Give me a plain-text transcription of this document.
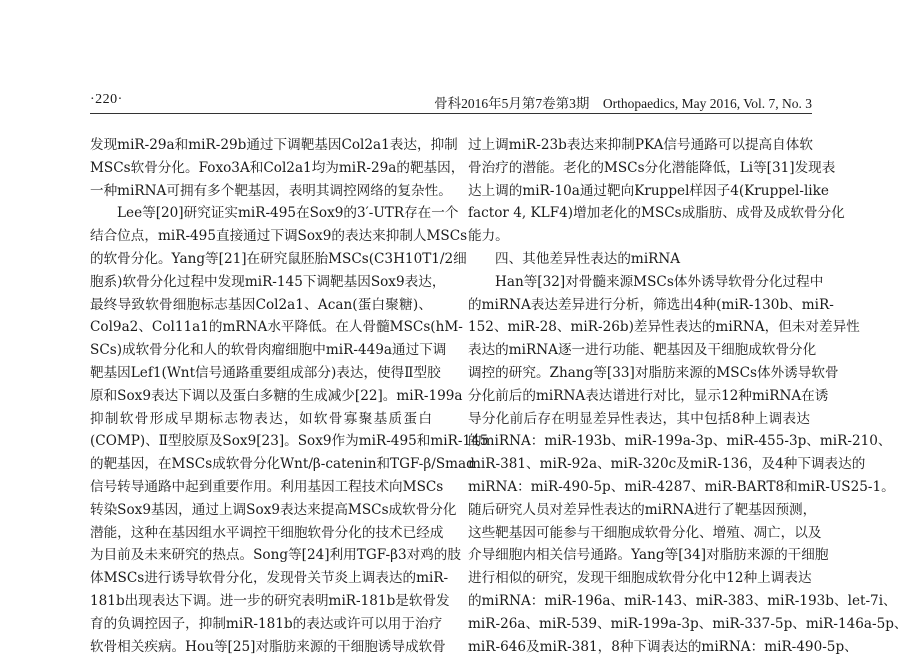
·220·	骨科2016年5月第7卷第3期　Orthopaedics, May 2016, Vol. 7, No. 3
发现miR-29a和miR-29b通过下调靶基因Col2a1表达，抑制
MSCs软骨分化。Foxo3A和Col2a1均为miR-29a的靶基因，
一种miRNA可拥有多个靶基因，表明其调控网络的复杂性。
Lee等[20]研究证实miR-495在Sox9的3′-UTR存在一个
结合位点，miR-495直接通过下调Sox9的表达来抑制人MSCs
的软骨分化。Yang等[21]在研究鼠胚胎MSCs(C3H10T1/2细
胞系)软骨分化过程中发现miR-145下调靶基因Sox9表达，
最终导致软骨细胞标志基因Col2a1、Acan(蛋白聚糖)、
Col9a2、Col11a1的mRNA水平降低。在人骨髓MSCs(hM-
SCs)成软骨分化和人的软骨肉瘤细胞中miR-449a通过下调
靶基因Lef1(Wnt信号通路重要组成部分)表达，使得Ⅱ型胶
原和Sox9表达下调以及蛋白多糖的生成减少[22]。miR-199a
抑制软骨形成早期标志物表达，如软骨寡聚基质蛋白
(COMP)、Ⅱ型胶原及Sox9[23]。Sox9作为miR-495和miR-145
的靶基因，在MSCs成软骨分化Wnt/β-catenin和TGF-β/Smad
信号转导通路中起到重要作用。利用基因工程技术向MSCs
转染Sox9基因，通过上调Sox9表达来提高MSCs成软骨分化
潜能，这种在基因组水平调控干细胞软骨分化的技术已经成
为目前及未来研究的热点。Song等[24]利用TGF-β3对鸡的肢
体MSCs进行诱导软骨分化，发现骨关节炎上调表达的miR-
181b出现表达下调。进一步的研究表明miR-181b是软骨发
育的负调控因子，抑制miR-181b的表达或许可以用于治疗
软骨相关疾病。Hou等[25]对脂肪来源的干细胞诱导成软骨
过上调miR-23b表达来抑制PKA信号通路可以提高自体软
骨治疗的潜能。老化的MSCs分化潜能降低，Li等[31]发现表
达上调的miR-10a通过靶向Kruppel样因子4(Kruppel-like
factor 4, KLF4)增加老化的MSCs成脂肪、成骨及成软骨分化
能力。
四、其他差异性表达的miRNA
Han等[32]对骨髓来源MSCs体外诱导软骨分化过程中
的miRNA表达差异进行分析，筛选出4种(miR-130b、miR-
152、miR-28、miR-26b)差异性表达的miRNA，但未对差异性
表达的miRNA逐一进行功能、靶基因及干细胞成软骨分化
调控的研究。Zhang等[33]对脂肪来源的MSCs体外诱导软骨
分化前后的miRNA表达谱进行对比，显示12种miRNA在诱
导分化前后存在明显差异性表达，其中包括8种上调表达
的miRNA：miR-193b、miR-199a-3p、miR-455-3p、miR-210、
miR-381、miR-92a、miR-320c及miR-136，及4种下调表达的
miRNA：miR-490-5p、miR-4287、miR-BART8和miR-US25-1。
随后研究人员对差异性表达的miRNA进行了靶基因预测，
这些靶基因可能参与干细胞成软骨分化、增殖、凋亡，以及
介导细胞内相关信号通路。Yang等[34]对脂肪来源的干细胞
进行相似的研究，发现干细胞成软骨分化中12种上调表达
的miRNA：miR-196a、miR-143、miR-383、miR-193b、let-7i、
miR-26a、miR-539、miR-199a-3p、miR-337-5p、miR-146a-5p、
miR-646及miR-381，8种下调表达的miRNA：miR-490-5p、
